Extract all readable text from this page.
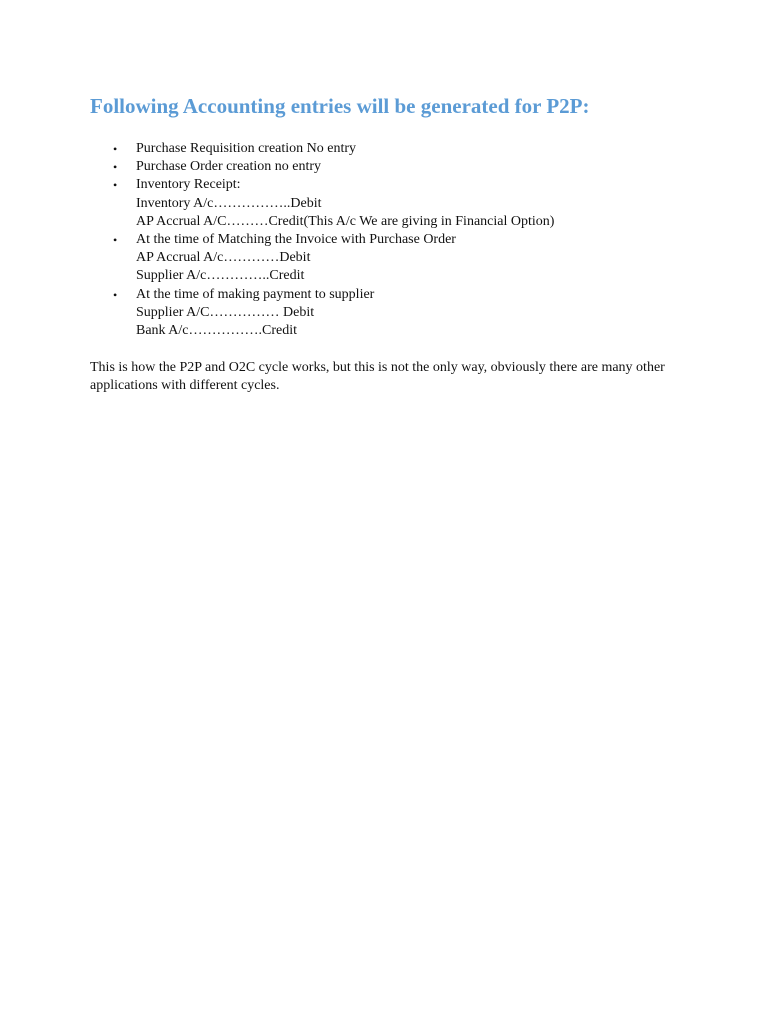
Following Accounting entries will be generated for P2P:
• Purchase Requisition creation No entry
• Purchase Order creation no entry
• Inventory Receipt:
Inventory A/c……………..Debit
AP Accrual A/C………Credit(This A/c We are giving in Financial Option)
• At the time of Matching the Invoice with Purchase Order
AP Accrual A/c…………Debit
Supplier A/c…………..Credit
• At the time of making payment to supplier
Supplier A/C…………… Debit
Bank A/c…………….Credit

This is how the P2P and O2C cycle works, but this is not the only way, obviously there are many other applications with different cycles.
